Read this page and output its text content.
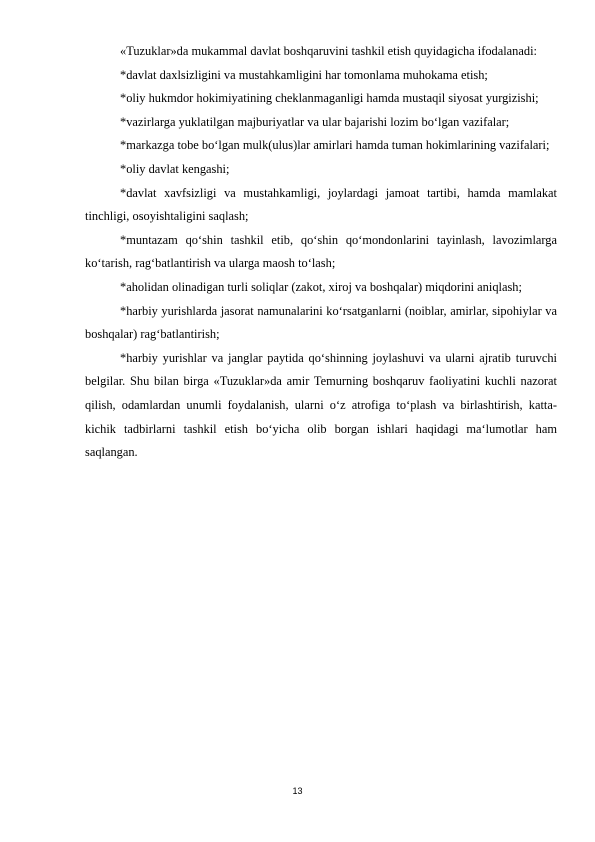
«Tuzuklar»da mukammal davlat boshqaruvini tashkil etish quyidagicha ifodalanadi:

*davlat daxlsizligini va mustahkamligini har tomonlama muhokama etish;

*oliy hukmdor hokimiyatining cheklanmaganligi hamda mustaqil siyosat yurgizishi;

*vazirlarga yuklatilgan majburiyatlar va ular bajarishi lozim bo‘lgan vazifalar;

*markazga tobe bo‘lgan mulk(ulus)lar amirlari hamda tuman hokimlarining vazifalari;

*oliy davlat kengashi;

*davlat xavfsizligi va mustahkamligi, joylardagi jamoat tartibi, hamda mamlakat tinchligi, osoyishtaligini saqlash;

*muntazam qo‘shin tashkil etib, qo‘shin qo‘mondonlarini tayinlash, lavozimlarga ko‘tarish, rag‘batlantirish va ularga maosh to‘lash;

*aholidan olinadigan turli soliqlar (zakot, xiroj va boshqalar) miqdorini aniqlash;

*harbiy yurishlarda jasorat namunalarini ko‘rsatganlarni (noiblar, amirlar, sipohiylar va boshqalar) rag‘batlantirish;

*harbiy yurishlar va janglar paytida qo‘shinning joylashuvi va ularni ajratib turuvchi belgilar. Shu bilan birga «Tuzuklar»da amir Temurning boshqaruv faoliyatini kuchli nazorat qilish, odamlardan unumli foydalanish, ularni o‘z atrofiga to‘plash va birlashtirish, katta-kichik tadbirlarni tashkil etish bo‘yicha olib borgan ishlari haqidagi ma‘lumotlar ham saqlangan.

13
